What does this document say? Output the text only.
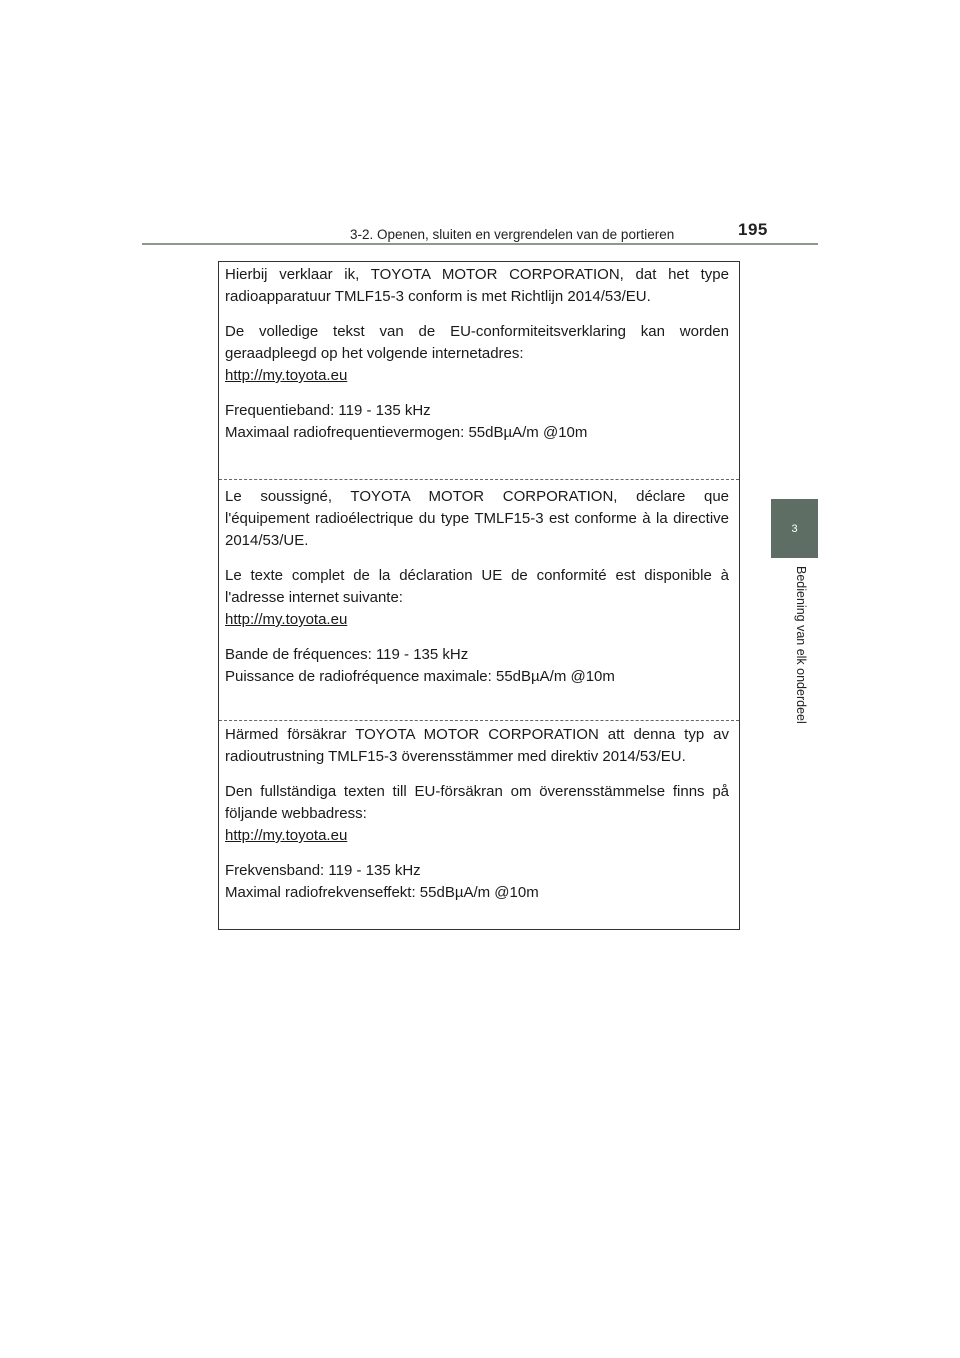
3-2. Openen, sluiten en vergrendelen van de portieren	195
3
Bediening van elk onderdeel

Hierbij verklaar ik, TOYOTA MOTOR CORPORATION, dat het type radioapparatuur TMLF15-3 conform is met Richtlijn 2014/53/EU.

De volledige tekst van de EU-conformiteitsverklaring kan worden geraadpleegd op het volgende internetadres:

http://my.toyota.eu

Frequentieband: 119 - 135 kHz

Maximaal radiofrequentievermogen: 55dBµA/m @10m

Le soussigné, TOYOTA MOTOR CORPORATION, déclare que l'équipement radioélectrique du type TMLF15-3 est conforme à la directive 2014/53/UE.

Le texte complet de la déclaration UE de conformité est disponible à l'adresse internet suivante:

http://my.toyota.eu

Bande de fréquences: 119 - 135 kHz

Puissance de radiofréquence maximale: 55dBµA/m @10m

Härmed försäkrar TOYOTA MOTOR CORPORATION att denna typ av radioutrustning TMLF15-3 överensstämmer med direktiv 2014/53/EU.

Den fullständiga texten till EU-försäkran om överensstämmelse finns på följande webbadress:

http://my.toyota.eu

Frekvensband: 119 - 135 kHz

Maximal radiofrekvenseffekt: 55dBµA/m @10m
